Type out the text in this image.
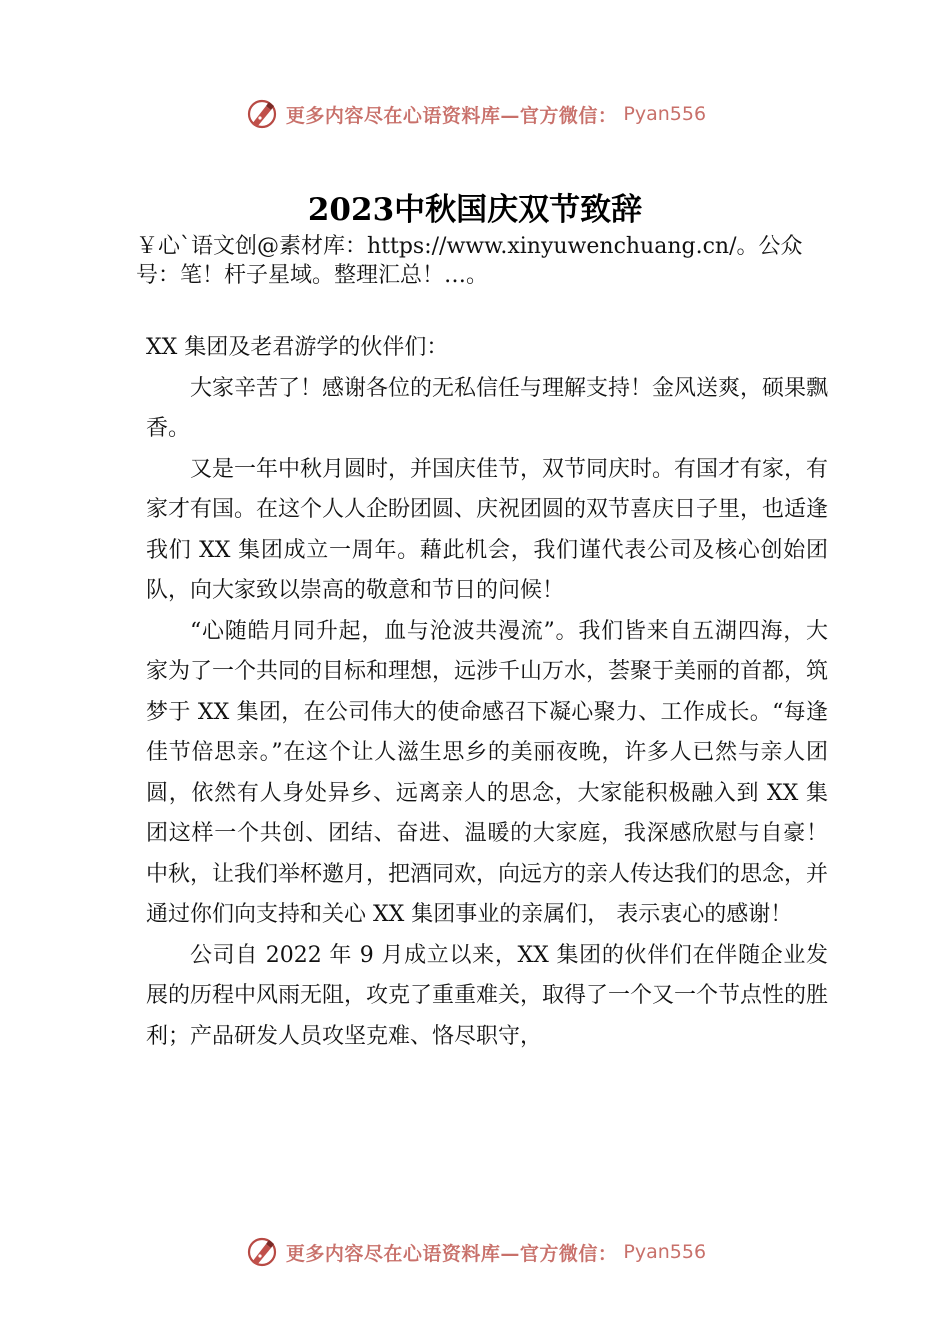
更多内容尽在心语资料库—官方微信： Pyan556
2023中秋国庆双节致辞
￥心`语文创@素材库：https://www.xinyuwenchuang.cn/。公众号：笔！杆子星域。整理汇总！…。

XX 集团及老君游学的伙伴们：

大家辛苦了！感谢各位的无私信任与理解支持！金风送爽，硕果飘香。

又是一年中秋月圆时，并国庆佳节，双节同庆时。有国才有家，有家才有国。在这个人人企盼团圆、庆祝团圆的双节喜庆日子里，也适逢我们 XX 集团成立一周年。藉此机会，我们谨代表公司及核心创始团队，向大家致以崇高的敬意和节日的问候！

“心随皓月同升起，血与沧波共漫流”。我们皆来自五湖四海，大家为了一个共同的目标和理想，远涉千山万水，荟聚于美丽的首都，筑梦于 XX 集团，在公司伟大的使命感召下凝心聚力、工作成长。“每逢佳节倍思亲。”在这个让人滋生思乡的美丽夜晚，许多人已然与亲人团圆，依然有人身处异乡、远离亲人的思念，大家能积极融入到 XX 集团这样一个共创、团结、奋进、温暖的大家庭，我深感欣慰与自豪！ 中秋，让我们举杯邀月，把酒同欢，向远方的亲人传达我们的思念，并通过你们向支持和关心 XX 集团事业的亲属们， 表示衷心的感谢！

公司自 2022 年 9 月成立以来，XX 集团的伙伴们在伴随企业发展的历程中风雨无阻，攻克了重重难关，取得了一个又一个节点性的胜利；产品研发人员攻坚克难、恪尽职守，

更多内容尽在心语资料库—官方微信： Pyan556
